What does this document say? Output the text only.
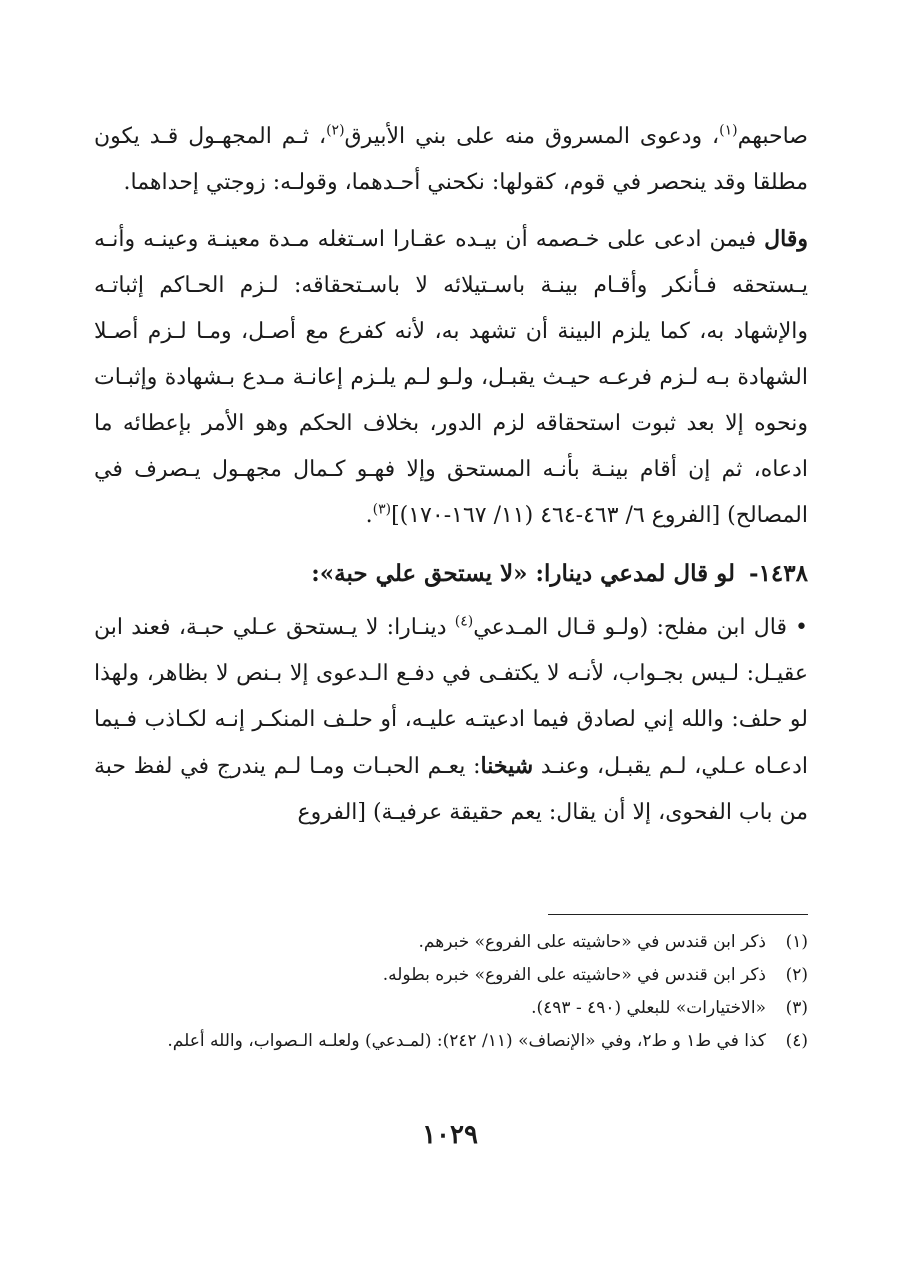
صاحبهم$^{(١)}$، ودعوى المسروق منه على بني الأبيرق$^{(٢)}$، ثـم المجهـول قـد يكون مطلقا وقد ينحصر في قوم، كقولها: نكحني أحـدهما، وقولـه: زوجتي إحداهما.

وقال فيمن ادعى على خـصمه أن بيـده عقـارا اسـتغله مـدة معينـة وعينـه وأنـه يـستحقه فـأنكر وأقـام بينـة باسـتيلائه لا باسـتحقاقه: لـزم الحـاكم إثباتـه والإشهاد به، كما يلزم البينة أن تشهد به، لأنه كفرع مع أصـل، ومـا لـزم أصـلا الشهادة بـه لـزم فرعـه حيـث يقبـل، ولـو لـم يلـزم إعانـة مـدع بـشهادة وإثبـات ونحوه إلا بعد ثبوت استحقاقه لزم الدور، بخلاف الحكم وهو الأمر بإعطائه ما ادعاه، ثم إن أقام بينـة بأنـه المستحق وإلا فهـو كـمال مجهـول يـصرف في المصالح) [الفروع ٦/ ٤٦٣-٤٦٤ (١١/ ١٦٧-١٧٠)]$^{(٣)}$.

١٤٣٨-لو قال لمدعي دينارا: «لا يستحق علي حبة»:

•قال ابن مفلح: (ولـو قـال المـدعي$^{(٤)}$ دينـارا: لا يـستحق عـلي حبـة، فعند ابن عقيـل: لـيس بجـواب، لأنـه لا يكتفـى في دفـع الـدعوى إلا بـنص لا بظاهر، ولهذا لو حلف: والله إني لصادق فيما ادعيتـه عليـه، أو حلـف المنكـر إنـه لكـاذب فـيما ادعـاه عـلي، لـم يقبـل، وعنـد شيخنا: يعـم الحبـات ومـا لـم يندرج في لفظ حبة من باب الفحوى، إلا أن يقال: يعم حقيقة عرفيـة) [الفروع

(١)
ذكر ابن قندس في «حاشيته على الفروع» خبرهم.

(٢)
ذكر ابن قندس في «حاشيته على الفروع» خبره بطوله.

(٣)
«الاختيارات» للبعلي (٤٩٠ - ٤٩٣).

(٤)
كذا في ط١ و ط٢، وفي «الإنصاف» (١١/ ٢٤٢): (لمـدعي) ولعلـه الـصواب، والله أعلم.

١٠٢٩
